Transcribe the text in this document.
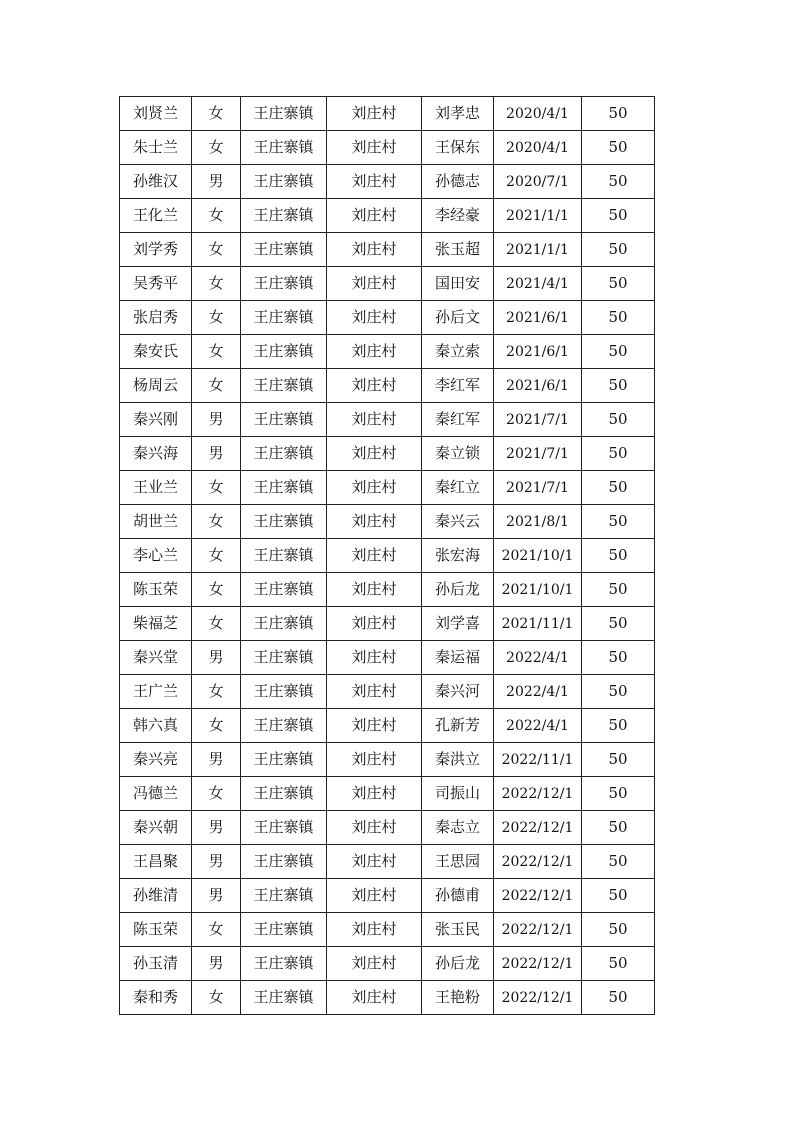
刘贤兰	女	王庄寨镇	刘庄村	刘孝忠	2020/4/1	50
朱士兰	女	王庄寨镇	刘庄村	王保东	2020/4/1	50
孙维汉	男	王庄寨镇	刘庄村	孙德志	2020/7/1	50
王化兰	女	王庄寨镇	刘庄村	李经豪	2021/1/1	50
刘学秀	女	王庄寨镇	刘庄村	张玉超	2021/1/1	50
吴秀平	女	王庄寨镇	刘庄村	国田安	2021/4/1	50
张启秀	女	王庄寨镇	刘庄村	孙后文	2021/6/1	50
秦安氏	女	王庄寨镇	刘庄村	秦立索	2021/6/1	50
杨周云	女	王庄寨镇	刘庄村	李红军	2021/6/1	50
秦兴刚	男	王庄寨镇	刘庄村	秦红军	2021/7/1	50
秦兴海	男	王庄寨镇	刘庄村	秦立锁	2021/7/1	50
王业兰	女	王庄寨镇	刘庄村	秦红立	2021/7/1	50
胡世兰	女	王庄寨镇	刘庄村	秦兴云	2021/8/1	50
李心兰	女	王庄寨镇	刘庄村	张宏海	2021/10/1	50
陈玉荣	女	王庄寨镇	刘庄村	孙后龙	2021/10/1	50
柴福芝	女	王庄寨镇	刘庄村	刘学喜	2021/11/1	50
秦兴堂	男	王庄寨镇	刘庄村	秦运福	2022/4/1	50
王广兰	女	王庄寨镇	刘庄村	秦兴河	2022/4/1	50
韩六真	女	王庄寨镇	刘庄村	孔新芳	2022/4/1	50
秦兴亮	男	王庄寨镇	刘庄村	秦洪立	2022/11/1	50
冯德兰	女	王庄寨镇	刘庄村	司振山	2022/12/1	50
秦兴朝	男	王庄寨镇	刘庄村	秦志立	2022/12/1	50
王昌聚	男	王庄寨镇	刘庄村	王思园	2022/12/1	50
孙维清	男	王庄寨镇	刘庄村	孙德甫	2022/12/1	50
陈玉荣	女	王庄寨镇	刘庄村	张玉民	2022/12/1	50
孙玉清	男	王庄寨镇	刘庄村	孙后龙	2022/12/1	50
秦和秀	女	王庄寨镇	刘庄村	王艳粉	2022/12/1	50
